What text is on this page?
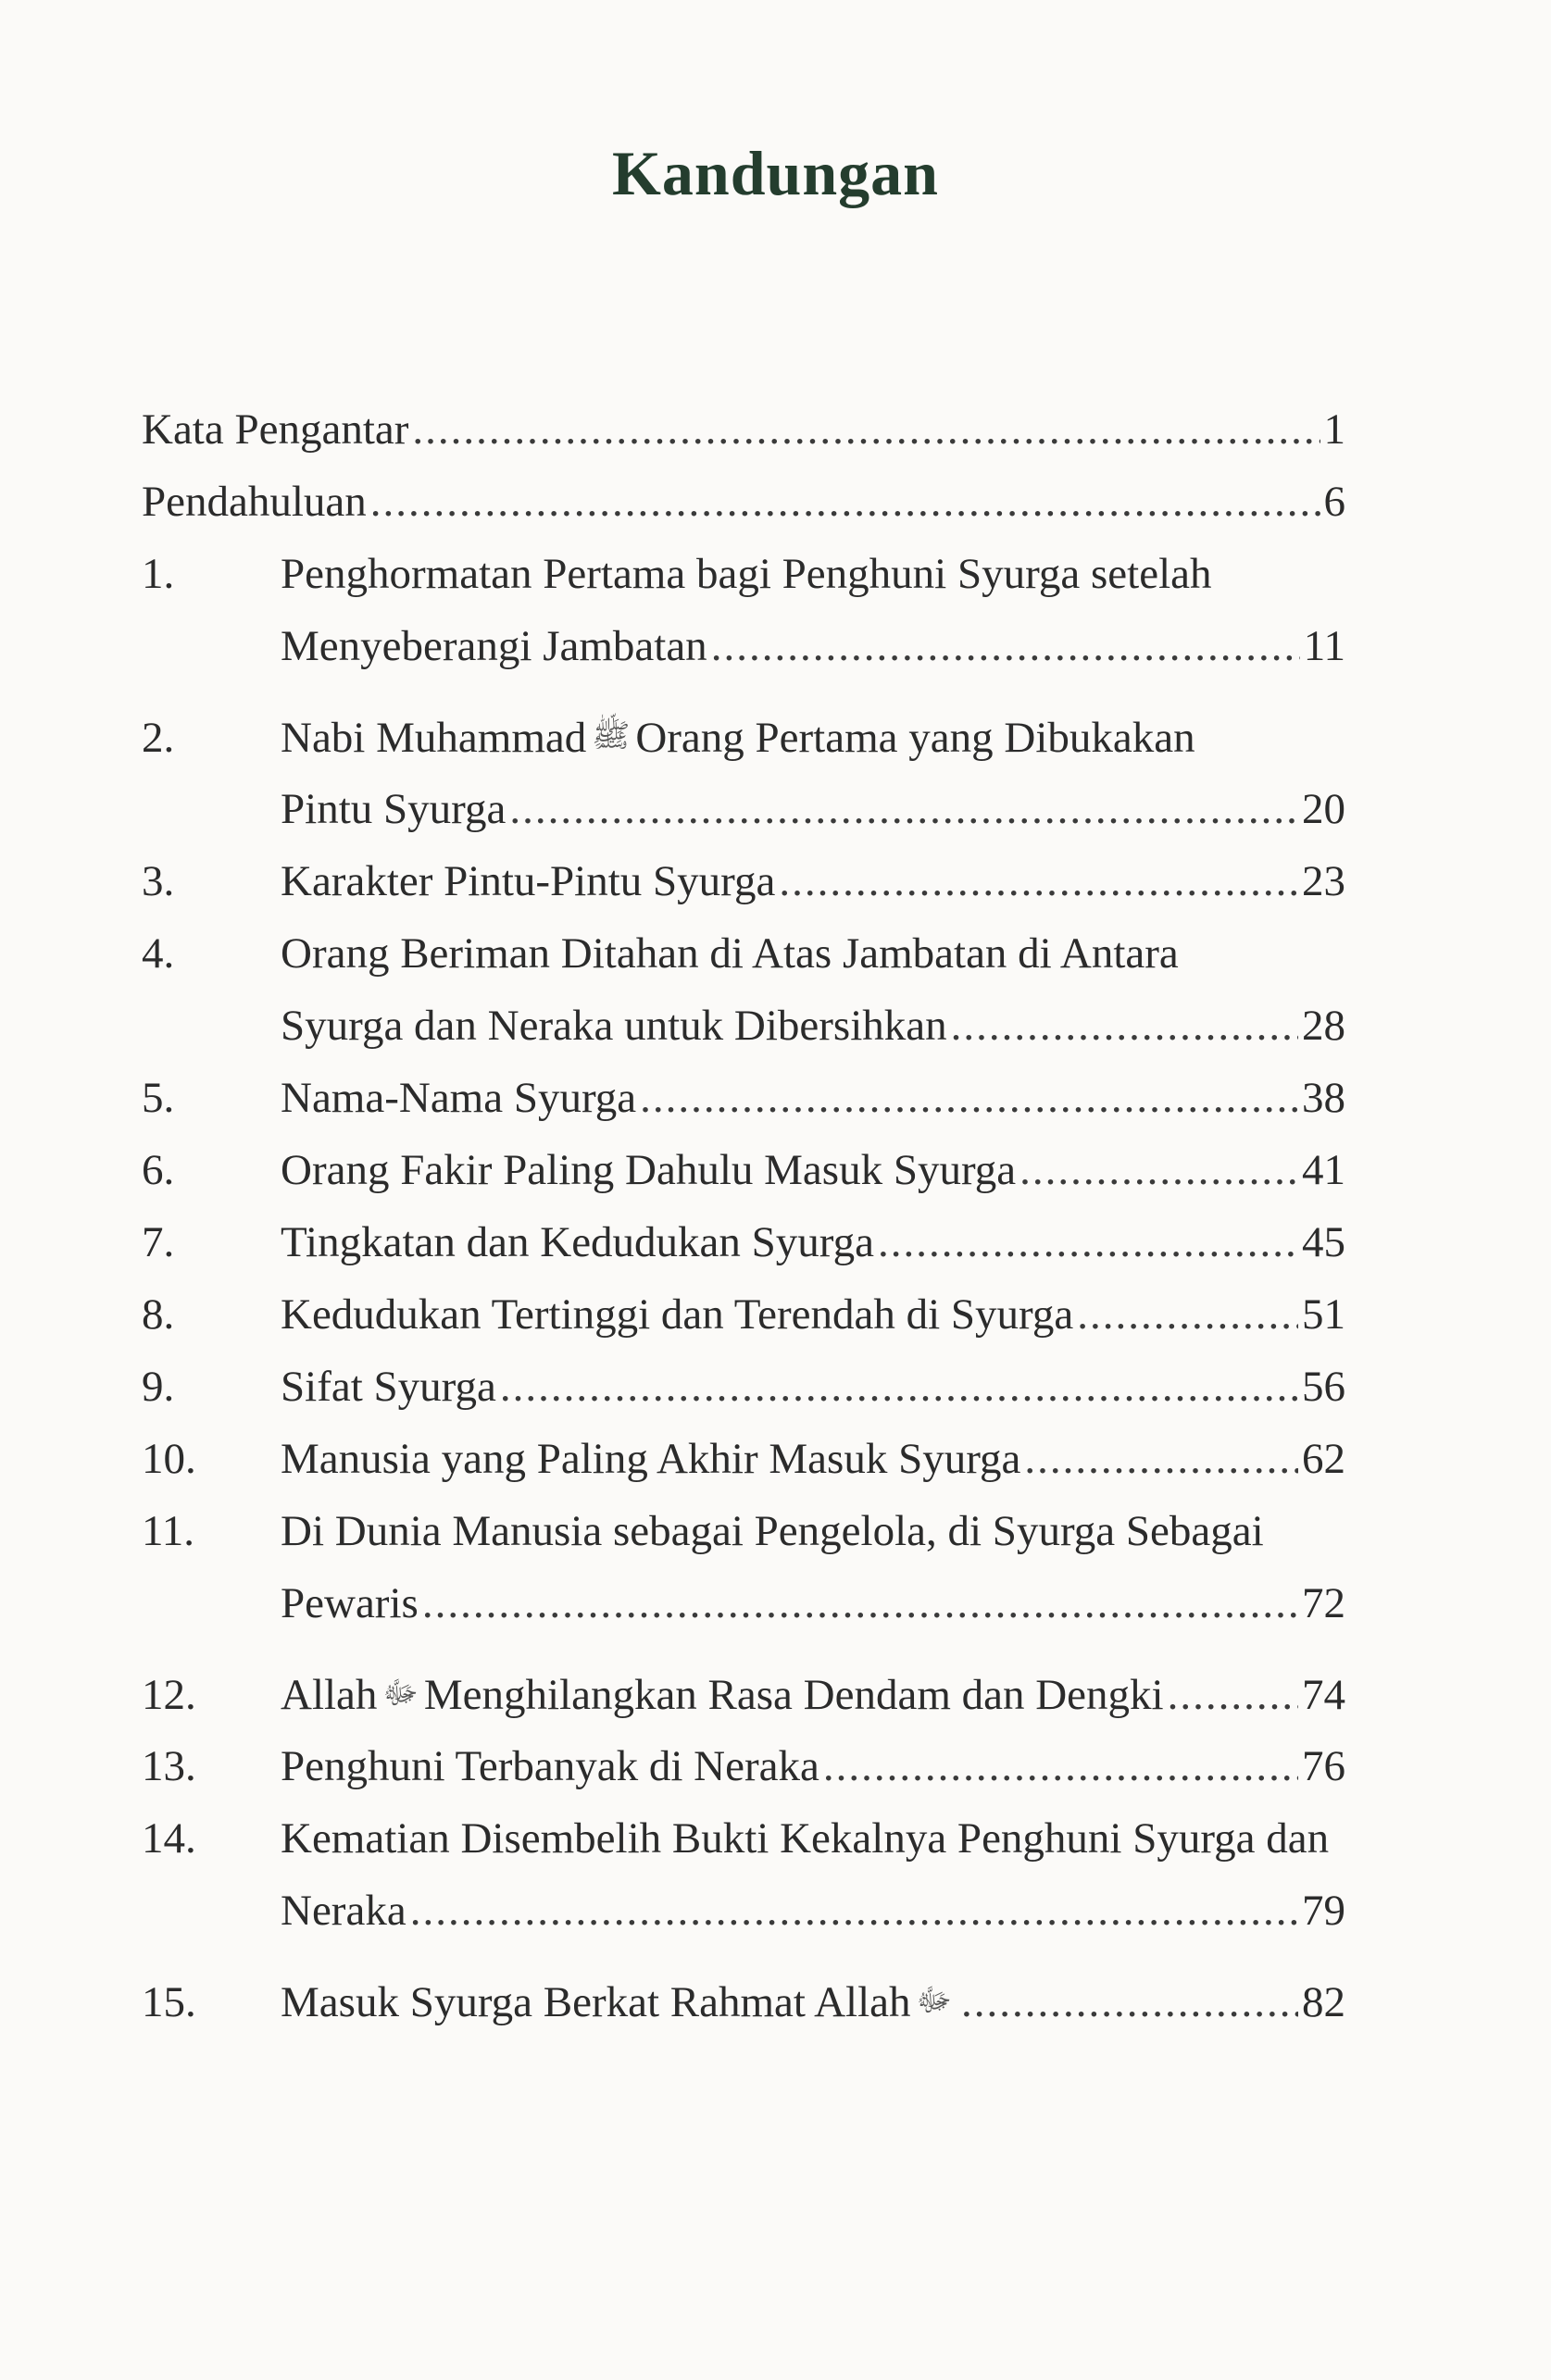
Kandungan
Kata Pengantar .....	1
Pendahuluan .....	6
1.	Penghormatan Pertama bagi Penghuni Syurga setelah
Menyeberangi Jambatan .....	11
2.	Nabi Muhammad ﷺ Orang Pertama yang Dibukakan
Pintu Syurga .....	20
3.	Karakter Pintu-Pintu Syurga .....	23
4.	Orang Beriman Ditahan di Atas Jambatan di Antara
Syurga dan Neraka untuk Dibersihkan .....	28
5.	Nama-Nama Syurga .....	38
6.	Orang Fakir Paling Dahulu Masuk Syurga .....	41
7.	Tingkatan dan Kedudukan Syurga .....	45
8.	Kedudukan Tertinggi dan Terendah di Syurga .....	51
9.	Sifat Syurga .....	56
10.	Manusia yang Paling Akhir Masuk Syurga .....	62
11.	Di Dunia Manusia sebagai Pengelola, di Syurga Sebagai
Pewaris .....	72
12.	Allah ﷻ Menghilangkan Rasa Dendam dan Dengki .....	74
13.	Penghuni Terbanyak di Neraka .....	76
14.	Kematian Disembelih Bukti Kekalnya Penghuni Syurga dan
Neraka .....	79
15.	Masuk Syurga Berkat Rahmat Allah ﷻ .....	82
